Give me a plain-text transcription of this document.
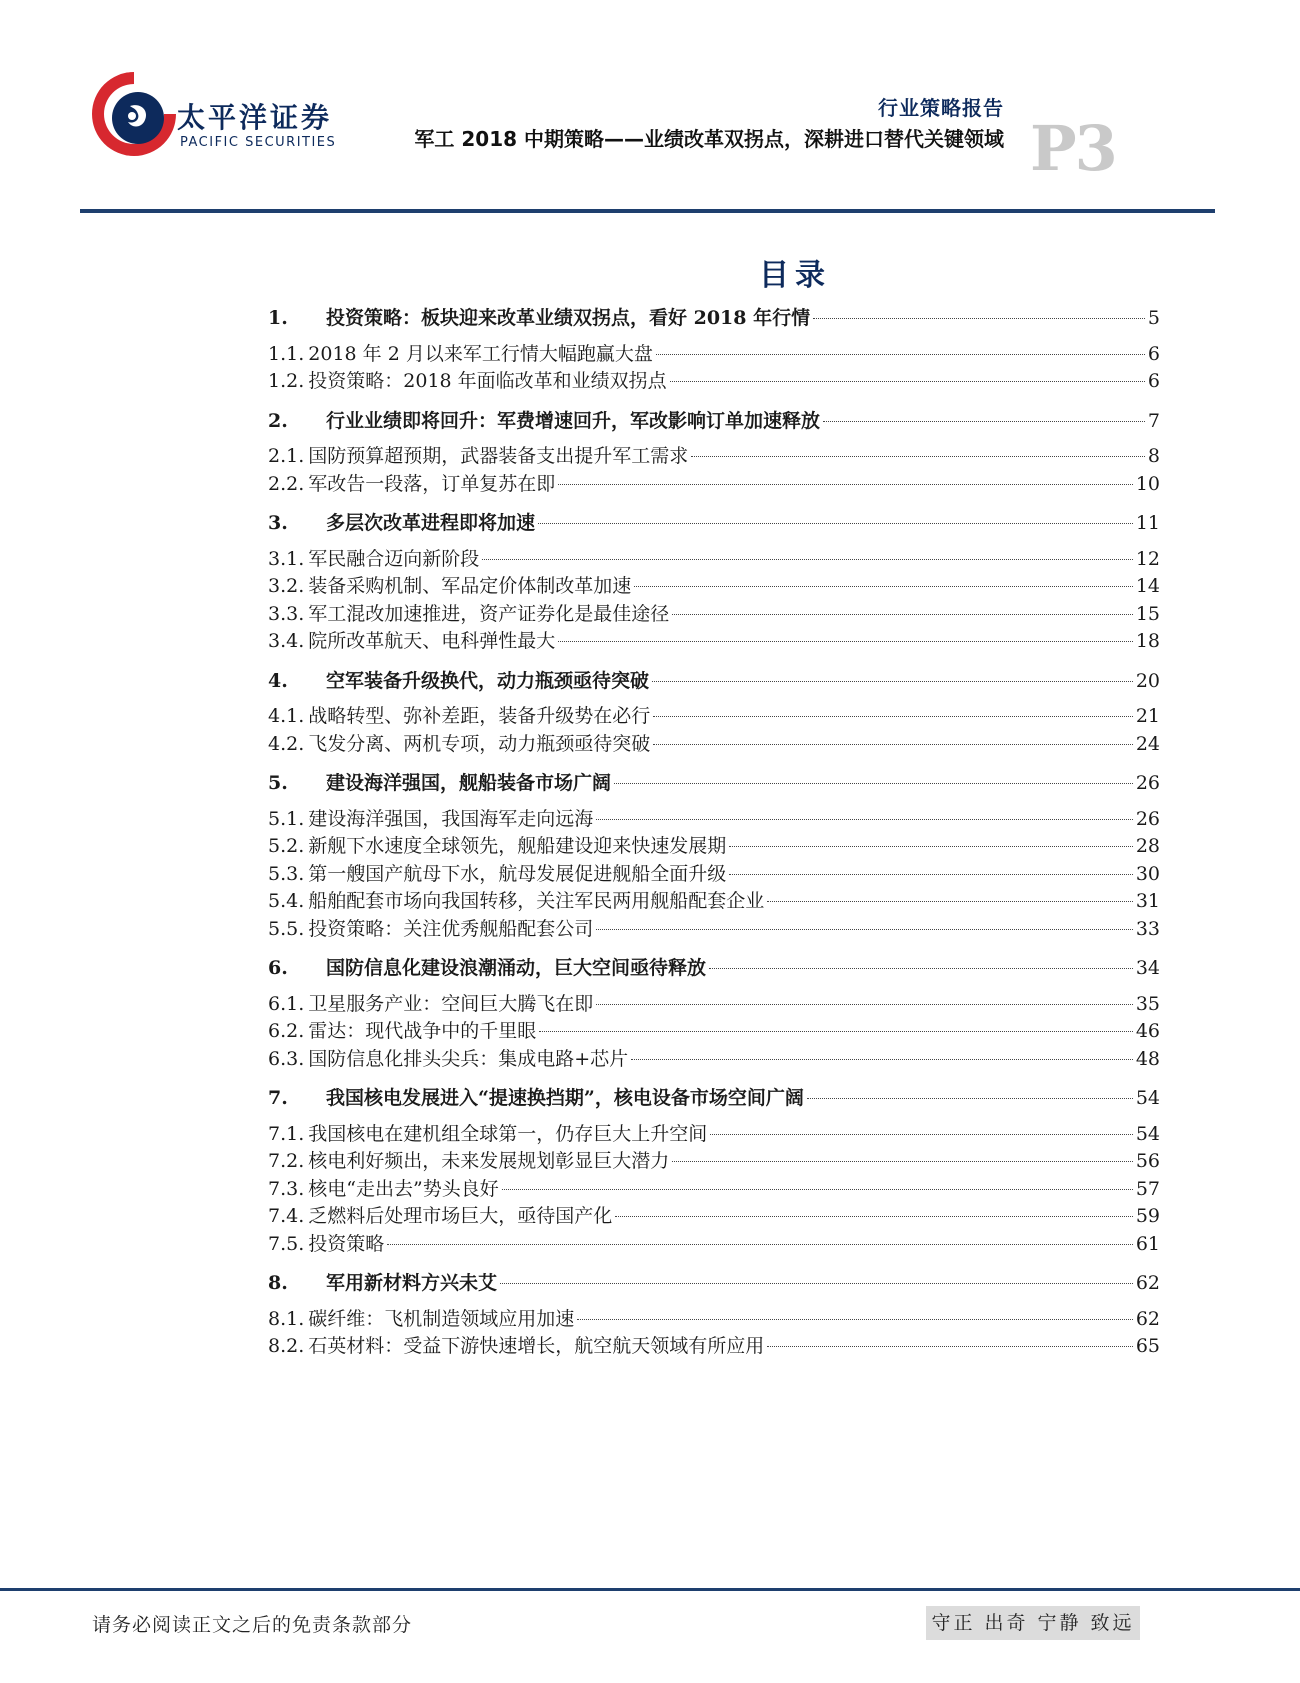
太平洋证券
PACIFIC SECURITIES
行业策略报告
军工 2018 中期策略——业绩改革双拐点，深耕进口替代关键领域 P3
目录
1.	投资策略：板块迎来改革业绩双拐点，看好 2018 年行情	5
1.1. 2018 年 2 月以来军工行情大幅跑赢大盘	6
1.2. 投资策略：2018 年面临改革和业绩双拐点	6
2.	行业业绩即将回升：军费增速回升，军改影响订单加速释放	7
2.1. 国防预算超预期，武器装备支出提升军工需求	8
2.2. 军改告一段落，订单复苏在即	10
3.	多层次改革进程即将加速	11
3.1. 军民融合迈向新阶段	12
3.2. 装备采购机制、军品定价体制改革加速	14
3.3. 军工混改加速推进，资产证券化是最佳途径	15
3.4. 院所改革航天、电科弹性最大	18
4.	空军装备升级换代，动力瓶颈亟待突破	20
4.1. 战略转型、弥补差距，装备升级势在必行	21
4.2. 飞发分离、两机专项，动力瓶颈亟待突破	24
5.	建设海洋强国，舰船装备市场广阔	26
5.1. 建设海洋强国，我国海军走向远海	26
5.2. 新舰下水速度全球领先，舰船建设迎来快速发展期	28
5.3. 第一艘国产航母下水，航母发展促进舰船全面升级	30
5.4. 船舶配套市场向我国转移，关注军民两用舰船配套企业	31
5.5. 投资策略：关注优秀舰船配套公司	33
6.	国防信息化建设浪潮涌动，巨大空间亟待释放	34
6.1. 卫星服务产业：空间巨大腾飞在即	35
6.2. 雷达：现代战争中的千里眼	46
6.3. 国防信息化排头尖兵：集成电路+芯片	48
7.	我国核电发展进入“提速换挡期”，核电设备市场空间广阔	54
7.1. 我国核电在建机组全球第一，仍存巨大上升空间	54
7.2. 核电利好频出，未来发展规划彰显巨大潜力	56
7.3. 核电“走出去”势头良好	57
7.4. 乏燃料后处理市场巨大，亟待国产化	59
7.5. 投资策略	61
8.	军用新材料方兴未艾	62
8.1. 碳纤维：飞机制造领域应用加速	62
8.2. 石英材料：受益下游快速增长，航空航天领域有所应用	65
请务必阅读正文之后的免责条款部分	守正 出奇 宁静 致远
